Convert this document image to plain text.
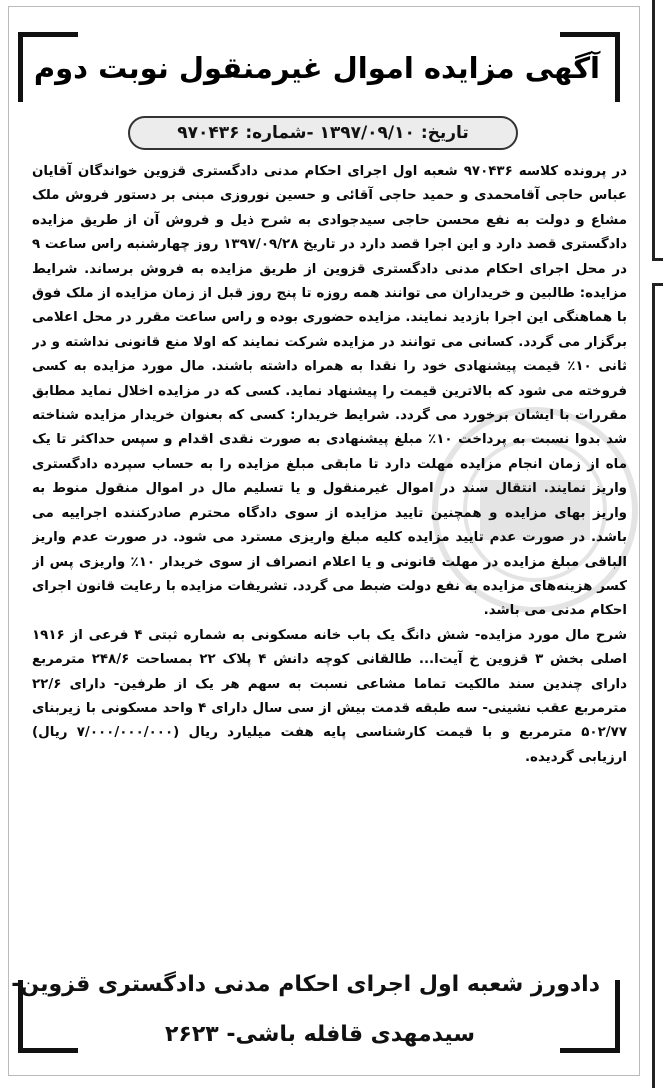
آگهی مزایده اموال غیرمنقول نوبت دوم
تاریخ: ۱۳۹۷/۰۹/۱۰ -شماره: ۹۷۰۴۳۶

در پرونده کلاسه ۹۷۰۴۳۶ شعبه اول اجرای احکام مدنی دادگستری قزوین خواندگان آقایان عباس حاجی آقامحمدی و حمید حاجی آقائی و حسین نوروزی مبنی بر دستور فروش ملک مشاع و دولت به نفع محسن حاجی سیدجوادی به شرح ذیل و فروش آن از طریق مزایده دادگستری قصد دارد و این اجرا قصد دارد در تاریخ ۱۳۹۷/۰۹/۲۸ روز چهارشنبه راس ساعت ۹ در محل اجرای احکام مدنی دادگستری قزوین از طریق مزایده به فروش برساند. شرایط مزایده: طالبین و خریداران می توانند همه روزه تا پنج روز قبل از زمان مزایده از ملک فوق با هماهنگی این اجرا بازدید نمایند. مزایده حضوری بوده و راس ساعت مقرر در محل اعلامی برگزار می گردد. کسانی می توانند در مزایده شرکت نمایند که اولا منع قانونی نداشته و در ثانی ۱۰٪ قیمت پیشنهادی خود را نقدا به همراه داشته باشند. مال مورد مزایده به کسی فروخته می شود که بالاترین قیمت را پیشنهاد نماید. کسی که در مزایده اخلال نماید مطابق مقررات با ایشان برخورد می گردد. شرایط خریدار: کسی که بعنوان خریدار مزایده شناخته شد بدوا نسبت به پرداخت ۱۰٪ مبلغ پیشنهادی به صورت نقدی اقدام و سپس حداکثر تا یک ماه از زمان انجام مزایده مهلت دارد تا مابقی مبلغ مزایده را به حساب سپرده دادگستری واریز نمایند. انتقال سند در اموال غیرمنقول و یا تسلیم مال در اموال منقول منوط به واریز بهای مزایده و همچنین تایید مزایده از سوی دادگاه محترم صادرکننده اجراییه می باشد. در صورت عدم تایید مزایده کلیه مبلغ واریزی مسترد می شود. در صورت عدم واریز الباقی مبلغ مزایده در مهلت قانونی و یا اعلام انصراف از سوی خریدار ۱۰٪ واریزی پس از کسر هزینه‌های مزایده به نفع دولت ضبط می گردد. تشریفات مزایده با رعایت قانون اجرای احکام مدنی می باشد.

شرح مال مورد مزایده- شش دانگ یک باب خانه مسکونی به شماره ثبتی ۴ فرعی از ۱۹۱۶ اصلی بخش ۳ قزوین خ آیت‌ا... طالقانی کوچه دانش ۴ پلاک ۲۲ بمساحت ۲۴۸/۶ مترمربع دارای چندین سند مالکیت تماما مشاعی نسبت به سهم هر یک از طرفین- دارای ۲۲/۶ مترمربع عقب نشینی- سه طبقه قدمت بیش از سی سال دارای ۴ واحد مسکونی با زیربنای ۵۰۲/۷۷ مترمربع و با قیمت کارشناسی پایه هفت میلیارد ریال (۷/۰۰۰/۰۰۰/۰۰۰ ریال) ارزیابی گردیده.

دادورز شعبه اول اجرای احکام مدنی دادگستری قزوین-
سیدمهدی قافله باشی- ۲۶۲۳
